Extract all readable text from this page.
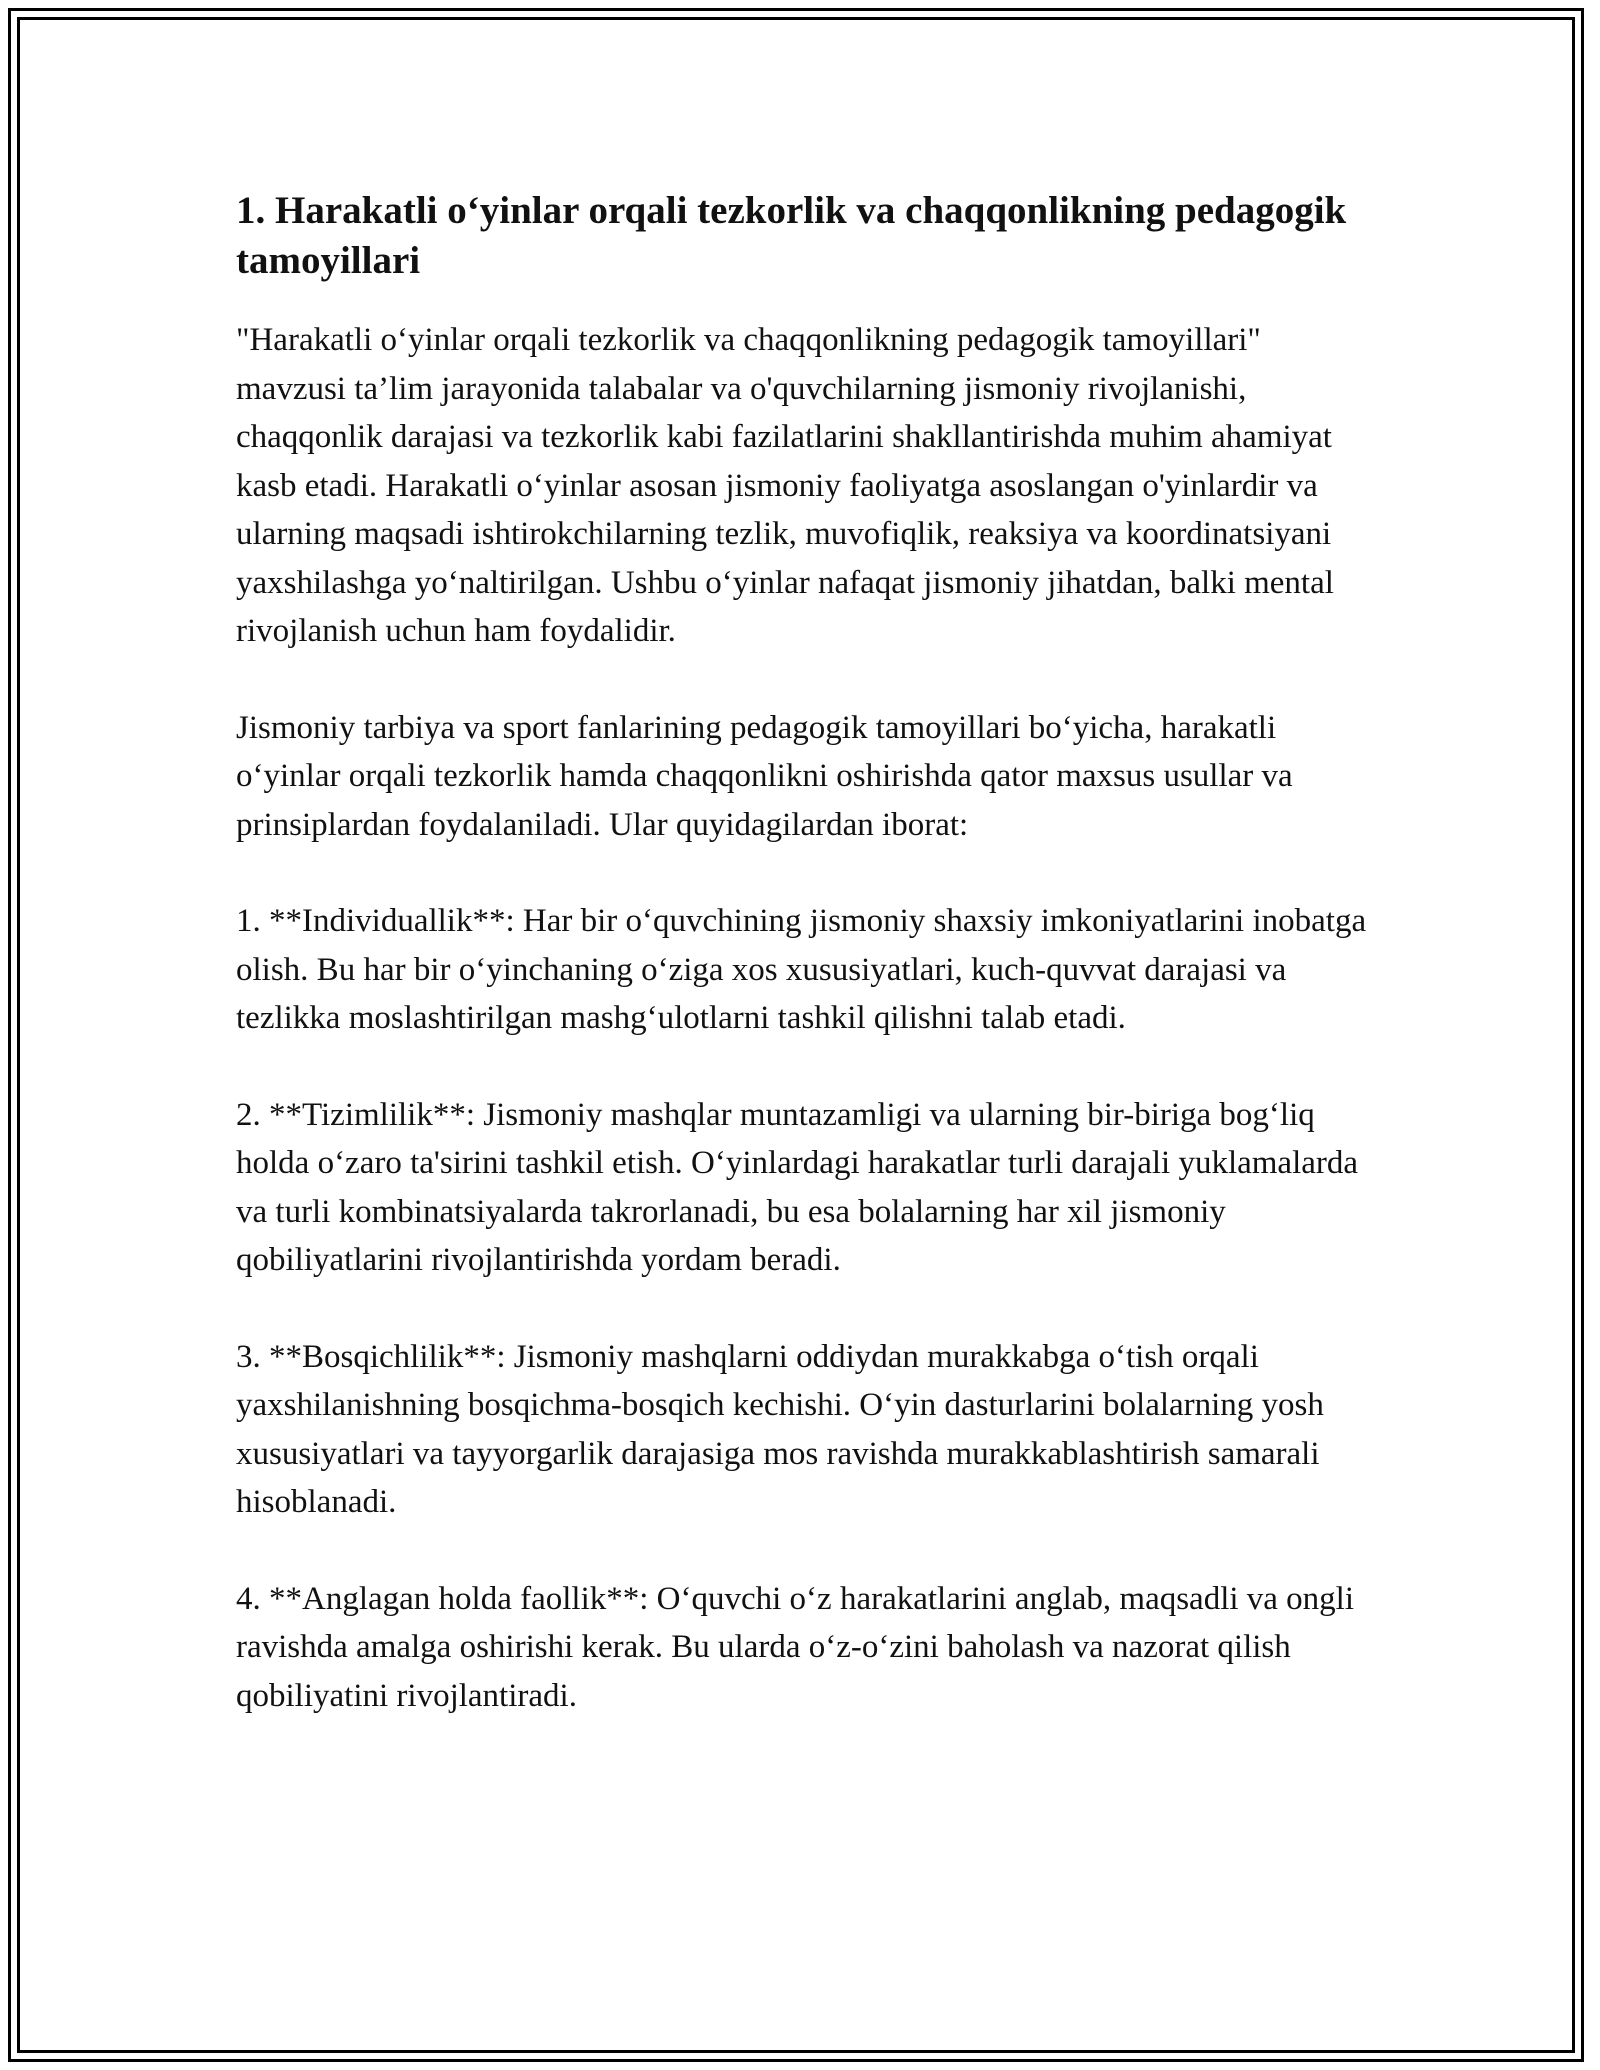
1. Harakatli o‘yinlar orqali tezkorlik va chaqqonlikning pedagogik tamoyillari

"Harakatli o‘yinlar orqali tezkorlik va chaqqonlikning pedagogik tamoyillari" mavzusi ta’lim jarayonida talabalar va o'quvchilarning jismoniy rivojlanishi, chaqqonlik darajasi va tezkorlik kabi fazilatlarini shakllantirishda muhim ahamiyat kasb etadi. Harakatli o‘yinlar asosan jismoniy faoliyatga asoslangan o'yinlardir va ularning maqsadi ishtirokchilarning tezlik, muvofiqlik, reaksiya va koordinatsiyani yaxshilashga yo‘naltirilgan. Ushbu o‘yinlar nafaqat jismoniy jihatdan, balki mental rivojlanish uchun ham foydalidir.

Jismoniy tarbiya va sport fanlarining pedagogik tamoyillari bo‘yicha, harakatli o‘yinlar orqali tezkorlik hamda chaqqonlikni oshirishda qator maxsus usullar va prinsiplardan foydalaniladi. Ular quyidagilardan iborat:

1. **Individuallik**: Har bir o‘quvchining jismoniy shaxsiy imkoniyatlarini inobatga olish. Bu har bir o‘yinchaning o‘ziga xos xususiyatlari, kuch-quvvat darajasi va tezlikka moslashtirilgan mashg‘ulotlarni tashkil qilishni talab etadi.

2. **Tizimlilik**: Jismoniy mashqlar muntazamligi va ularning bir-biriga bog‘liq holda o‘zaro ta'sirini tashkil etish. O‘yinlardagi harakatlar turli darajali yuklamalarda va turli kombinatsiyalarda takrorlanadi, bu esa bolalarning har xil jismoniy qobiliyatlarini rivojlantirishda yordam beradi.

3. **Bosqichlilik**: Jismoniy mashqlarni oddiydan murakkabga o‘tish orqali yaxshilanishning bosqichma-bosqich kechishi. O‘yin dasturlarini bolalarning yosh xususiyatlari va tayyorgarlik darajasiga mos ravishda murakkablashtirish samarali hisoblanadi.

4. **Anglagan holda faollik**: O‘quvchi o‘z harakatlarini anglab, maqsadli va ongli ravishda amalga oshirishi kerak. Bu ularda o‘z-o‘zini baholash va nazorat qilish qobiliyatini rivojlantiradi.
